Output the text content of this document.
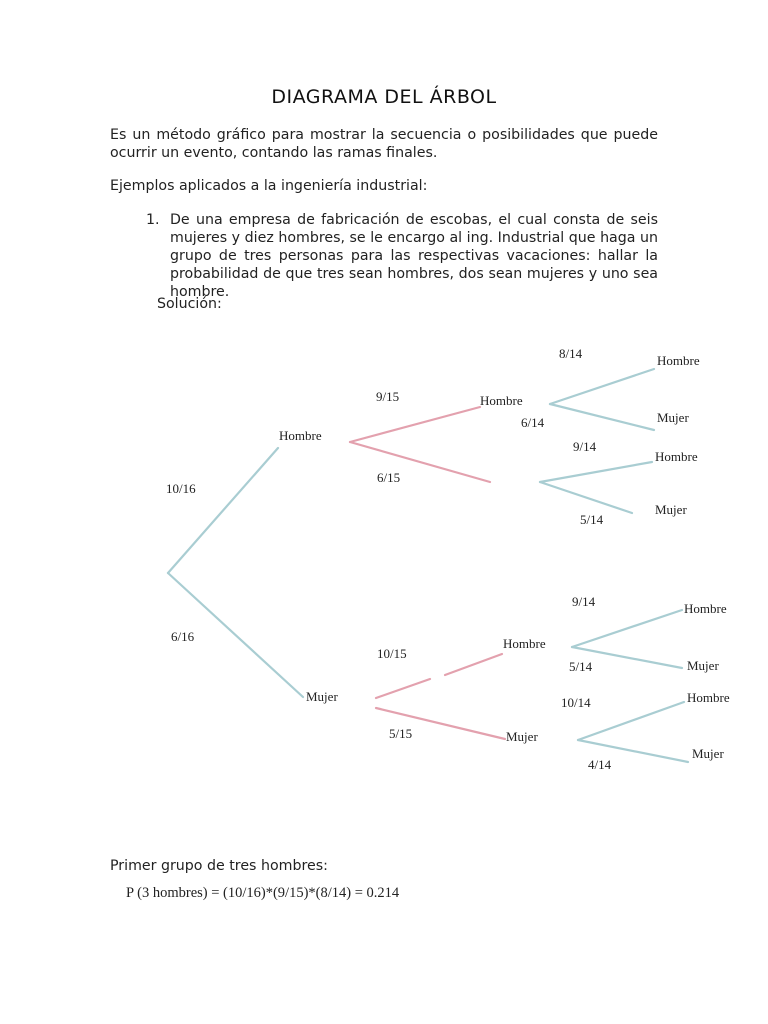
DIAGRAMA DEL ÁRBOL
Es un método gráfico para mostrar la secuencia o posibilidades que puede ocurrir un evento, contando las ramas finales.
Ejemplos aplicados a la ingeniería industrial:
1. De una empresa de fabricación de escobas, el cual consta de seis mujeres y diez hombres, se le encargo al ing. Industrial que haga un grupo de tres personas para las respectivas vacaciones: hallar la probabilidad de que tres sean hombres, dos sean mujeres y uno sea hombre.
Solución:
Hombre
10/16
6/16
Mujer
9/15	Hombre
6/15
10/15
Hombre
5/15	Mujer
8/14	Hombre
6/14	Mujer
9/14
Hombre
5/14
Mujer
9/14	Hombre
5/14	Mujer
10/14	Hombre
4/14
Mujer
Primer grupo de tres hombres:
P (3 hombres) = (10/16)*(9/15)*(8/14) = 0.214
